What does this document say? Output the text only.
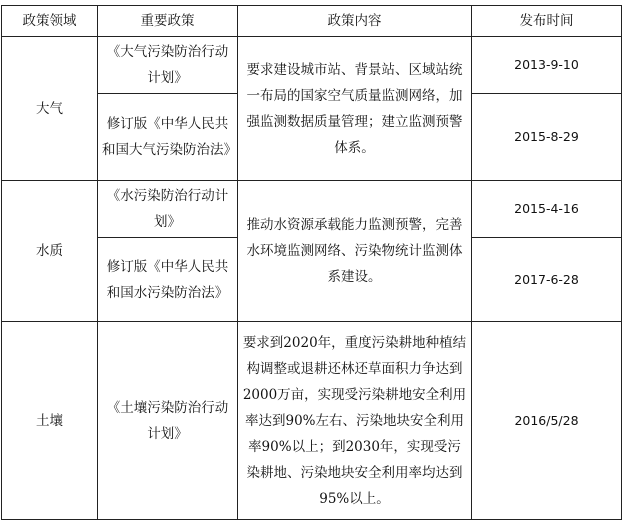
政策领域	重要政策	政策内容	发布时间
大气	《大气污染防治行动计划》	要求建设城市站、背景站、区域站统一布局的国家空气质量监测网络，加强监测数据质量管理；建立监测预警体系。	2013-9-10
	修订版《中华人民共和国大气污染防治法》		2015-8-29
水质	《水污染防治行动计划》	推动水资源承载能力监测预警，完善水环境监测网络、污染物统计监测体系建设。	2015-4-16
	修订版《中华人民共和国水污染防治法》		2017-6-28
土壤	《土壤污染防治行动计划》	要求到2020年，重度污染耕地种植结构调整或退耕还林还草面积力争达到2000万亩，实现受污染耕地安全利用率达到90%左右、污染地块安全利用率90%以上；到2030年，实现受污染耕地、污染地块安全利用率均达到95%以上。	2016/5/28
